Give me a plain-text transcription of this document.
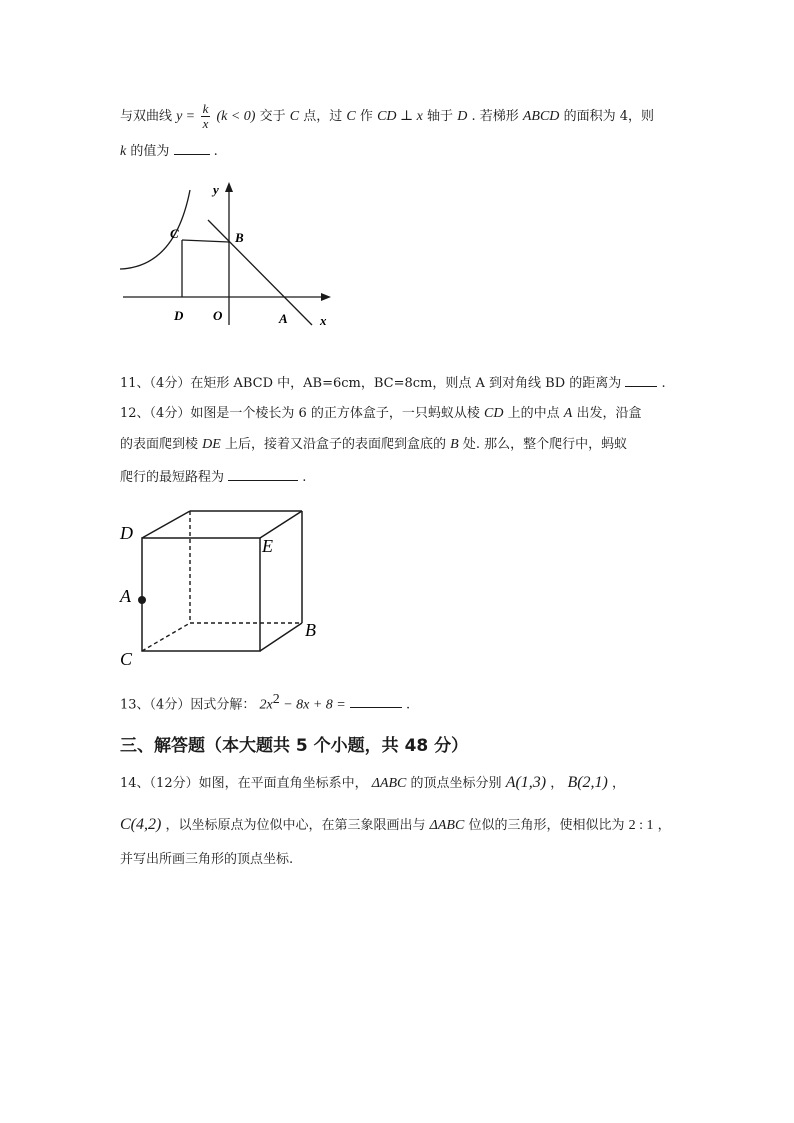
与双曲线 $y = \frac{k}{x} (k < 0)$ 交于 C 点，过 C 作 CD ⊥ x 轴于 D . 若梯形 ABCD 的面积为 4，则
k 的值为	.
y
x
C	B
D O	A
11、（4分）在矩形 ABCD 中，AB=6cm，BC=8cm，则点 A 到对角线 BD 的距离为	.
12、（4分）如图是一个棱长为 6 的正方体盒子，一只蚂蚁从棱 CD 上的中点 A 出发，沿盒
的表面爬到棱 DE 上后，接着又沿盒子的表面爬到盒底的 B 处. 那么，整个爬行中，蚂蚁
爬行的最短路程为	.
D
E
A
B
C
13、（4分）因式分解： $2x^2 - 8x + 8$ =	.
三、解答题（本大题共 5 个小题，共 48 分）
14、（12分）如图，在平面直角坐标系中， ΔABC 的顶点坐标分别 A(1,3) ， B(2,1) ，
C(4,2) ，以坐标原点为位似中心，在第三象限画出与 ΔABC 位似的三角形，使相似比为 2 : 1 ，
并写出所画三角形的顶点坐标.
